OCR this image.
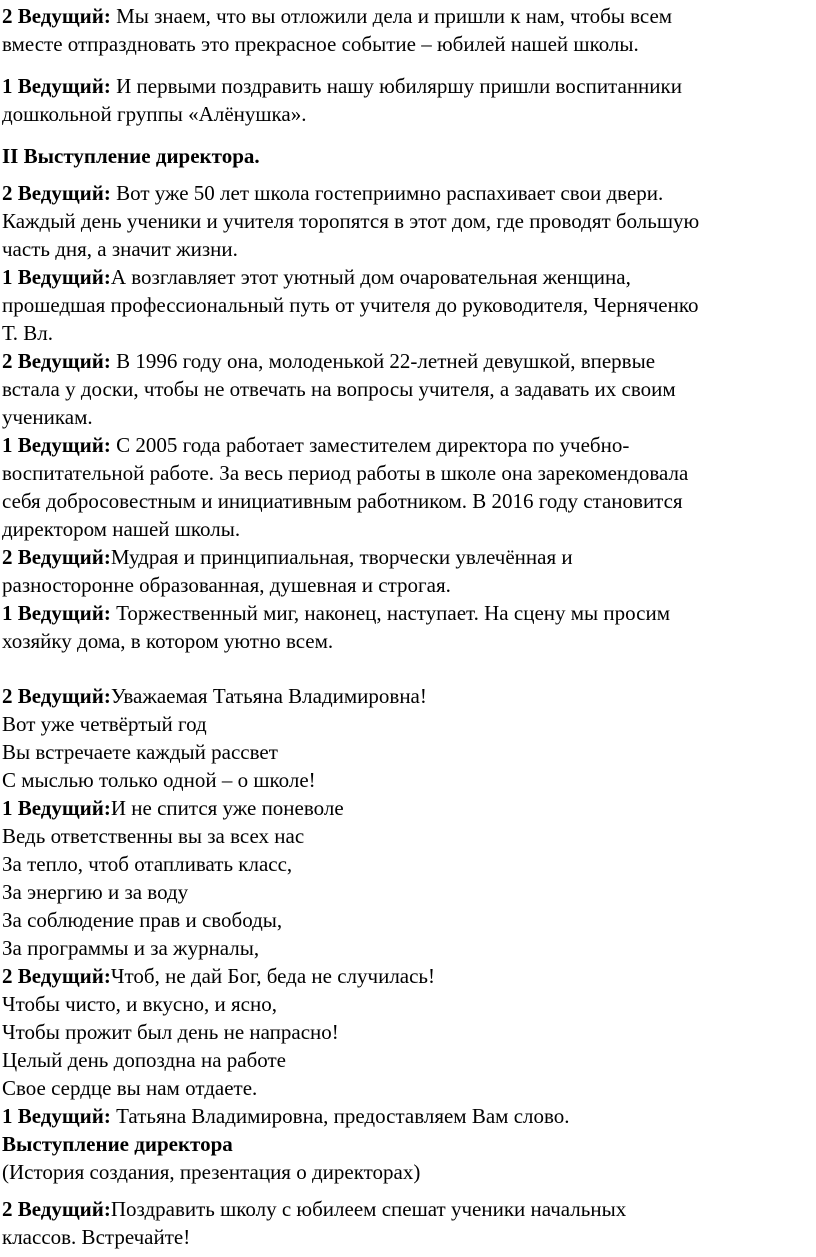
2 Ведущий: Мы знаем, что вы отложили дела и пришли к нам, чтобы всем

вместе отпраздновать это прекрасное событие – юбилей нашей школы.

1 Ведущий: И первыми поздравить нашу юбиляршу пришли воспитанники

дошкольной группы «Алёнушка».

II Выступление директора.

2 Ведущий: Вот уже 50 лет школа гостеприимно распахивает свои двери.

Каждый день ученики и учителя торопятся в этот дом, где проводят большую

часть дня, а значит жизни.

1 Ведущий:А возглавляет этот уютный дом очаровательная женщина,

прошедшая профессиональный путь от учителя до руководителя, Черняченко

Т. Вл.

2 Ведущий: В 1996 году она, молоденькой 22-летней девушкой, впервые

встала у доски, чтобы не отвечать на вопросы учителя, а задавать их своим

ученикам.

1 Ведущий: С 2005 года работает заместителем директора по учебно-

воспитательной работе. За весь период работы в школе она зарекомендовала

себя добросовестным и инициативным работником. В 2016 году становится

директором нашей школы.

2 Ведущий:Мудрая и принципиальная, творчески увлечённая и

разносторонне образованная, душевная и строгая.

1 Ведущий: Торжественный миг, наконец, наступает. На сцену мы просим

хозяйку дома, в котором уютно всем.

2 Ведущий:Уважаемая Татьяна Владимировна!

Вот уже четвёртый год

Вы встречаете каждый рассвет

С мыслью только одной – о школе!

1 Ведущий:И не спится уже поневоле

Ведь ответственны вы за всех нас

За тепло, чтоб отапливать класс,

За энергию и за воду

За соблюдение прав и свободы,

За программы и за журналы,

2 Ведущий:Чтоб, не дай Бог, беда не случилась!

Чтобы чисто, и вкусно, и ясно,

Чтобы прожит был день не напрасно!

Целый день допоздна на работе

Свое сердце вы нам отдаете.

1 Ведущий: Татьяна Владимировна, предоставляем Вам слово.

Выступление директора

(История создания, презентация о директорах)

2 Ведущий:Поздравить школу с юбилеем спешат ученики начальных

классов. Встречайте!
